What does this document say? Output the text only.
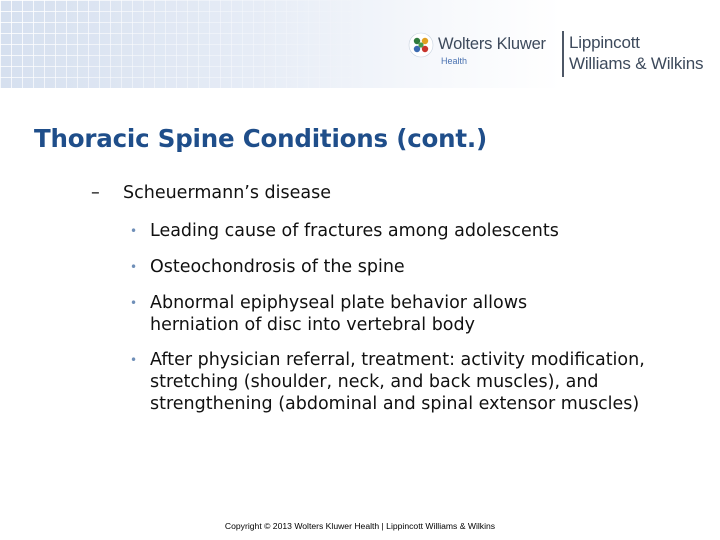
Wolters Kluwer
Health
Lippincott
Williams & Wilkins
Thoracic Spine Conditions (cont.)
– Scheuermann’s disease
• Leading cause of fractures among adolescents
• Osteochondrosis of the spine
• Abnormal epiphyseal plate behavior allows herniation of disc into vertebral body
• After physician referral, treatment: activity modification, stretching (shoulder, neck, and back muscles), and strengthening (abdominal and spinal extensor muscles)
Copyright © 2013 Wolters Kluwer Health | Lippincott Williams & Wilkins
